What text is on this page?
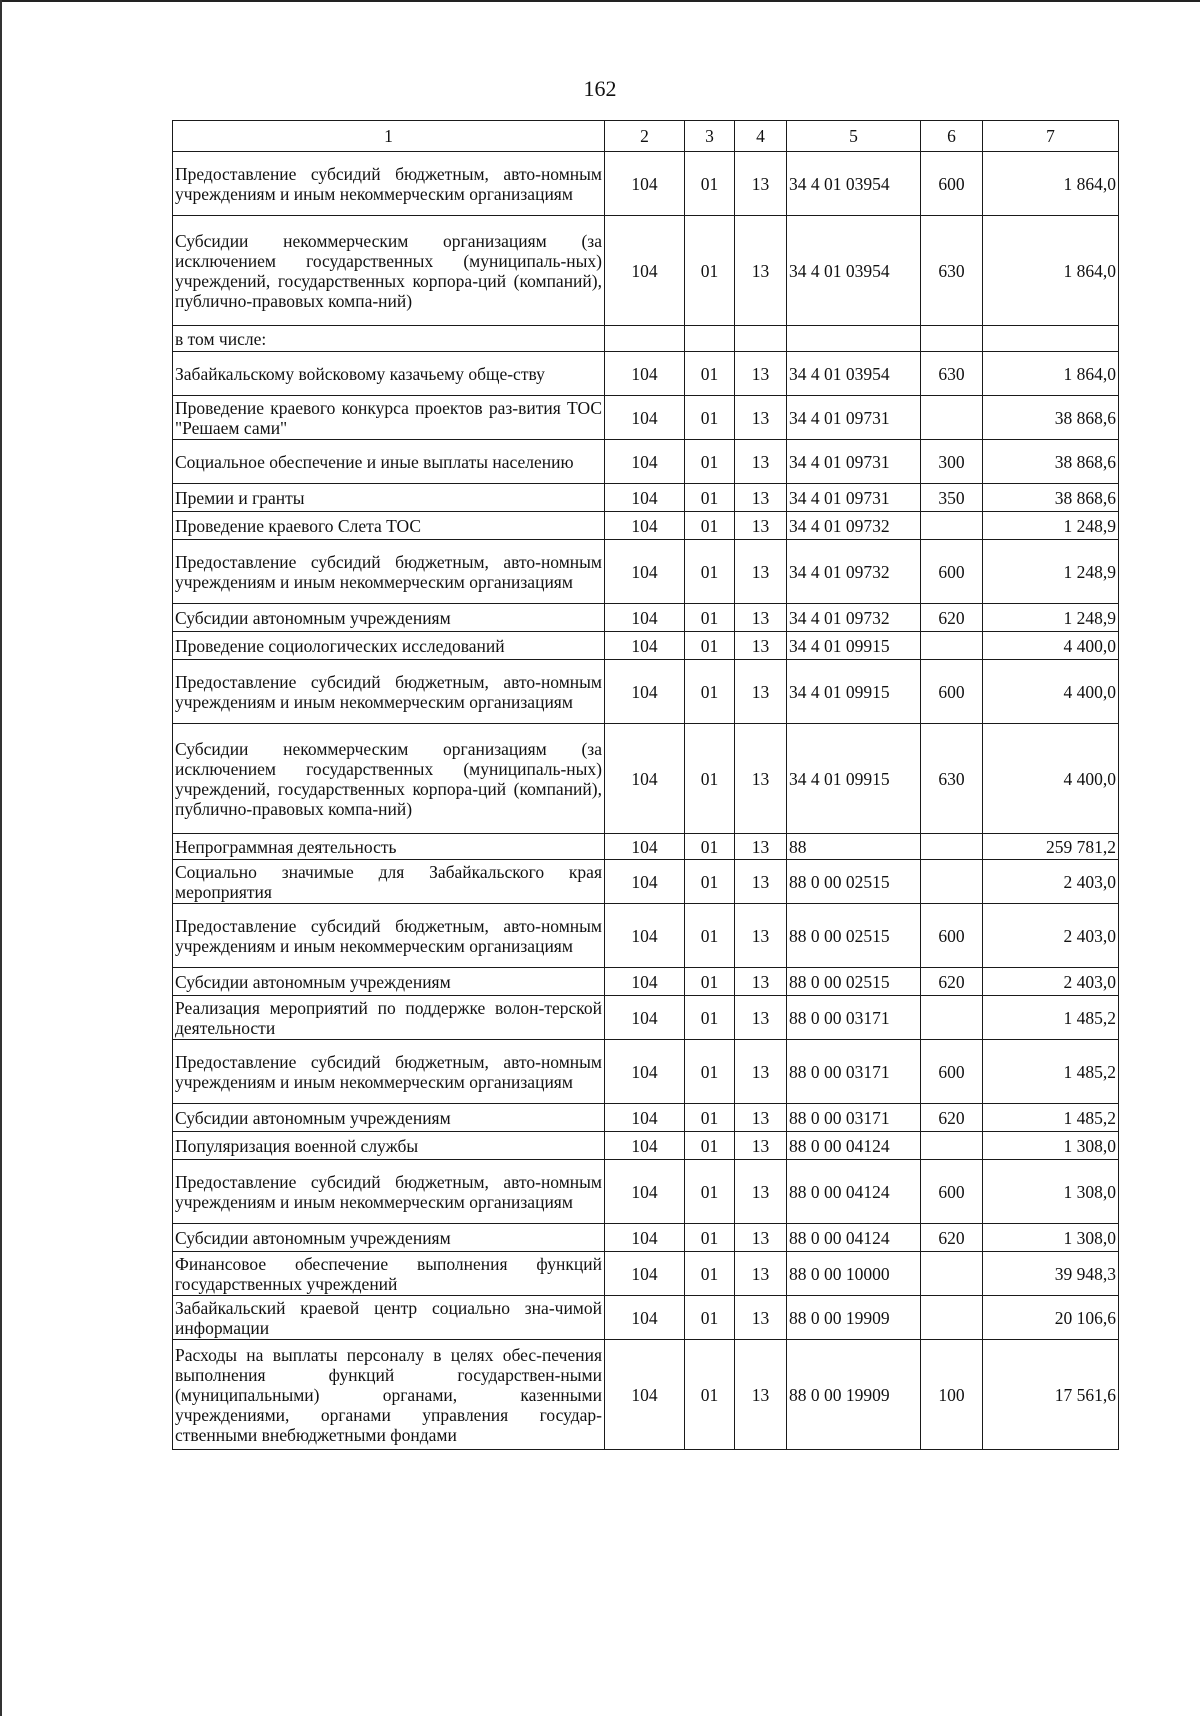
162
1	2	3	4	5	6	7
Предоставление субсидий бюджетным, авто-номным учреждениям и иным некоммерческим организациям	104	01	13	34 4 01 03954	600	1 864,0
Субсидии некоммерческим организациям (за исключением государственных (муниципаль-ных) учреждений, государственных корпора-ций (компаний), публично-правовых компа-ний)	104	01	13	34 4 01 03954	630	1 864,0
в том числе:						
Забайкальскому войсковому казачьему обще-ству	104	01	13	34 4 01 03954	630	1 864,0
Проведение краевого конкурса проектов раз-вития ТОС "Решаем сами"	104	01	13	34 4 01 09731		38 868,6
Социальное обеспечение и иные выплаты населению	104	01	13	34 4 01 09731	300	38 868,6
Премии и гранты	104	01	13	34 4 01 09731	350	38 868,6
Проведение краевого Слета ТОС	104	01	13	34 4 01 09732		1 248,9
Предоставление субсидий бюджетным, авто-номным учреждениям и иным некоммерческим организациям	104	01	13	34 4 01 09732	600	1 248,9
Субсидии автономным учреждениям	104	01	13	34 4 01 09732	620	1 248,9
Проведение социологических исследований	104	01	13	34 4 01 09915		4 400,0
Предоставление субсидий бюджетным, авто-номным учреждениям и иным некоммерческим организациям	104	01	13	34 4 01 09915	600	4 400,0
Субсидии некоммерческим организациям (за исключением государственных (муниципаль-ных) учреждений, государственных корпора-ций (компаний), публично-правовых компа-ний)	104	01	13	34 4 01 09915	630	4 400,0
Непрограммная деятельность	104	01	13	88		259 781,2
Социально значимые для Забайкальского края мероприятия	104	01	13	88 0 00 02515		2 403,0
Предоставление субсидий бюджетным, авто-номным учреждениям и иным некоммерческим организациям	104	01	13	88 0 00 02515	600	2 403,0
Субсидии автономным учреждениям	104	01	13	88 0 00 02515	620	2 403,0
Реализация мероприятий по поддержке волон-терской деятельности	104	01	13	88 0 00 03171		1 485,2
Предоставление субсидий бюджетным, авто-номным учреждениям и иным некоммерческим организациям	104	01	13	88 0 00 03171	600	1 485,2
Субсидии автономным учреждениям	104	01	13	88 0 00 03171	620	1 485,2
Популяризация военной службы	104	01	13	88 0 00 04124		1 308,0
Предоставление субсидий бюджетным, авто-номным учреждениям и иным некоммерческим организациям	104	01	13	88 0 00 04124	600	1 308,0
Субсидии автономным учреждениям	104	01	13	88 0 00 04124	620	1 308,0
Финансовое обеспечение выполнения функций государственных учреждений	104	01	13	88 0 00 10000		39 948,3
Забайкальский краевой центр социально зна-чимой информации	104	01	13	88 0 00 19909		20 106,6
Расходы на выплаты персоналу в целях обес-печения выполнения функций государствен-ными (муниципальными) органами, казенными учреждениями, органами управления государ-ственными внебюджетными фондами	104	01	13	88 0 00 19909	100	17 561,6
